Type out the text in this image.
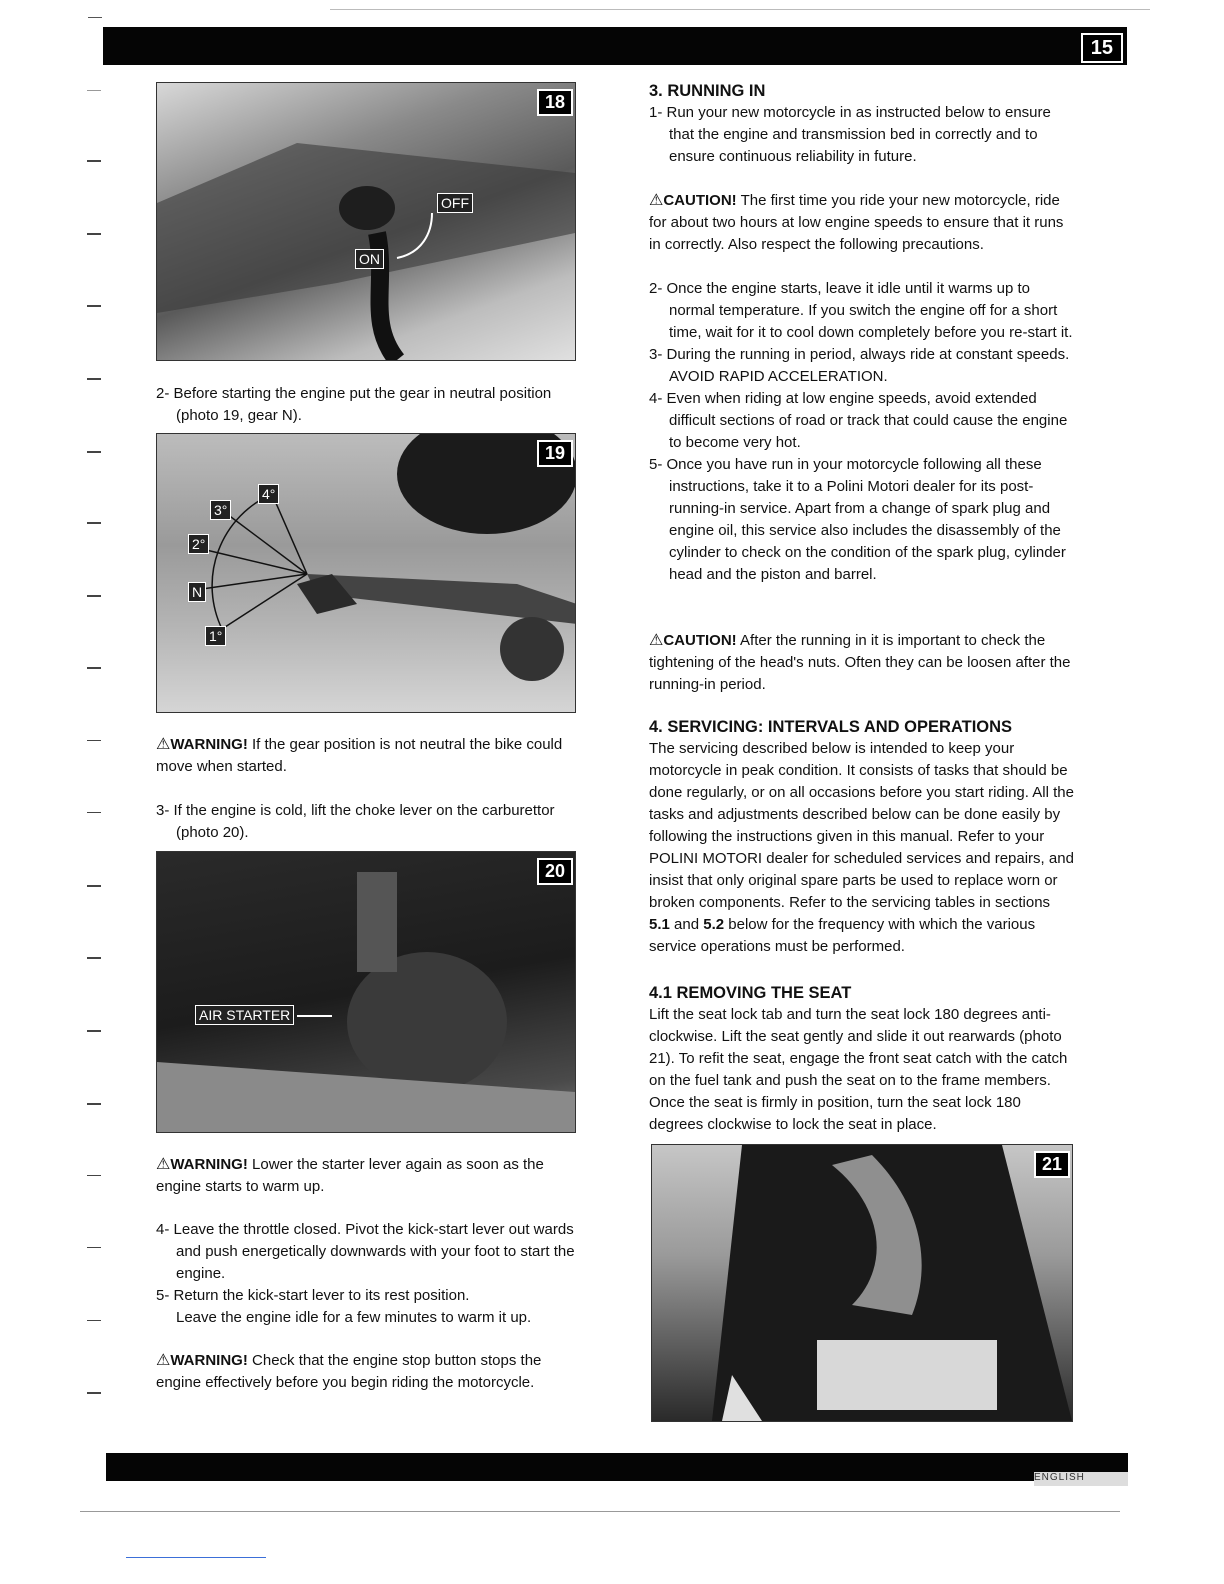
15
18
OFF
ON

2- Before starting the engine put the gear in neutral position (photo 19, gear N).

19
4°
3°
2°
N
1°

⚠WARNING! If the gear position is not neutral the bike could move when started.

3- If the engine is cold, lift the choke lever on the carburettor (photo 20).

20
AIR STARTER

⚠WARNING! Lower the starter lever again as soon as the engine starts to warm up.

4- Leave the throttle closed. Pivot the kick-start lever out wards and push energetically downwards with your foot to start the engine.

5- Return the kick-start lever to its rest position.

Leave the engine idle for a few minutes to warm it up.

⚠WARNING! Check that the engine stop button stops the engine effectively before you begin riding the motorcycle.

3. RUNNING IN

1- Run your new motorcycle in as instructed below to ensure that the engine and transmission bed in correctly and to ensure continuous reliability in future.

⚠CAUTION! The first time you ride your new motorcycle, ride for about two hours at low engine speeds to ensure that it runs in correctly. Also respect the following precautions.

2- Once the engine starts, leave it idle until it warms up to normal temperature. If you switch the engine off for a short time, wait for it to cool down completely before you re-start it.

3- During the running in period, always ride at constant speeds. AVOID RAPID ACCELERATION.

4- Even when riding at low engine speeds, avoid extended difficult sections of road or track that could cause the engine to become very hot.

5- Once you have run in your motorcycle following all these instructions, take it to a Polini Motori dealer for its post-running-in service. Apart from a change of spark plug and engine oil, this service also includes the disassembly of the cylinder to check on the condition of the spark plug, cylinder head and the piston and barrel.

⚠CAUTION! After the running in it is important to check the tightening of the head's nuts. Often they can be loosen after the running-in period.

4. SERVICING: INTERVALS AND OPERATIONS

The servicing described below is intended to keep your motorcycle in peak condition. It consists of tasks that should be done regularly, or on all occasions before you start riding. All the tasks and adjustments described below can be done easily by following the instructions given in this manual. Refer to your POLINI MOTORI dealer for scheduled services and repairs, and insist that only original spare parts be used to replace worn or broken components. Refer to the servicing tables in sections 5.1 and 5.2 below for the frequency with which the various service operations must be performed.

4.1 REMOVING THE SEAT

Lift the seat lock tab and turn the seat lock 180 degrees anti-clockwise. Lift the seat gently and slide it out rearwards (photo 21). To refit the seat, engage the front seat catch with the catch on the fuel tank and push the seat on to the frame members. Once the seat is firmly in position, turn the seat lock 180 degrees clockwise to lock the seat in place.

21
ENGLISH
